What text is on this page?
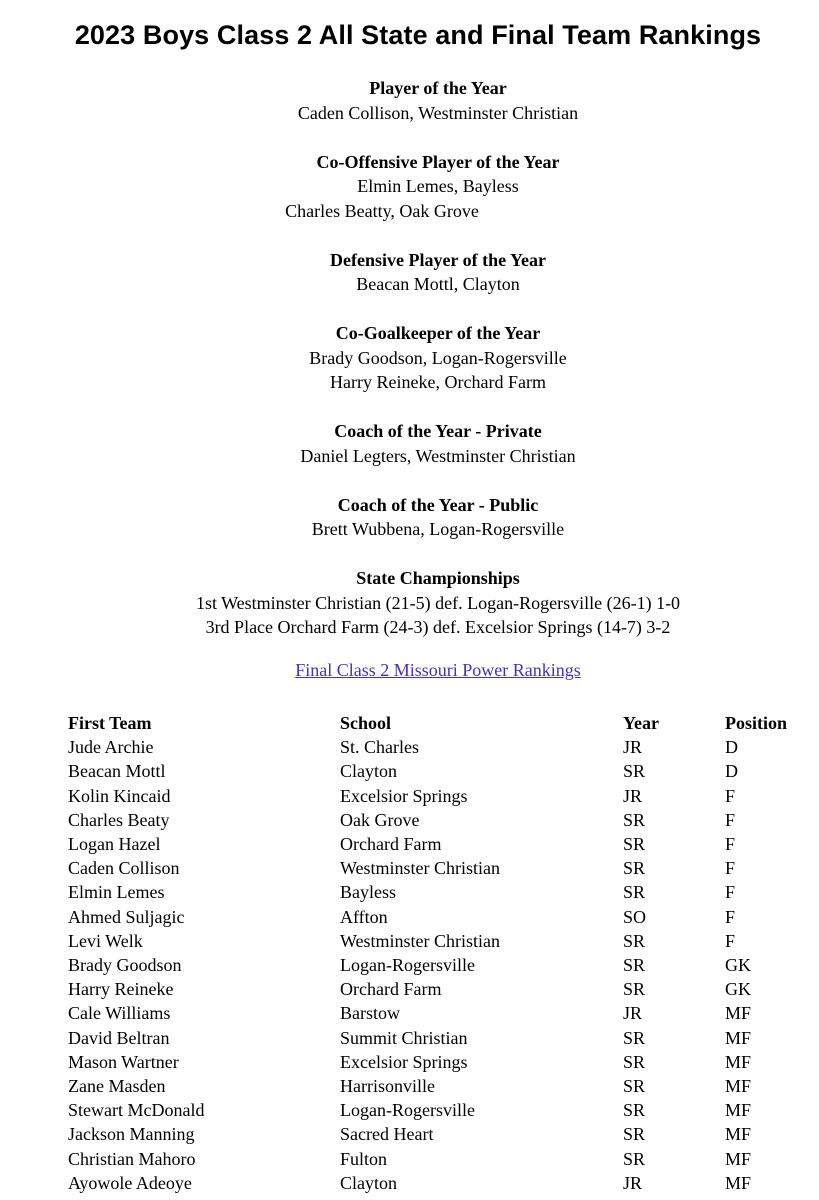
2023 Boys Class 2 All State and Final Team Rankings
Player of the Year
Caden Collison, Westminster Christian
Co-Offensive Player of the Year
Elmin Lemes, Bayless
Charles Beatty, Oak Grove
Defensive Player of the Year
Beacan Mottl, Clayton
Co-Goalkeeper of the Year
Brady Goodson, Logan-Rogersville
Harry Reineke, Orchard Farm
Coach of the Year - Private
Daniel Legters, Westminster Christian
Coach of the Year - Public
Brett Wubbena, Logan-Rogersville
State Championships
1st Westminster Christian (21-5) def. Logan-Rogersville (26-1) 1-0
3rd Place Orchard Farm (24-3) def. Excelsior Springs (14-7) 3-2
Final Class 2 Missouri Power Rankings
First Team	School	Year	Position
Jude Archie	St. Charles	JR	D
Beacan Mottl	Clayton	SR	D
Kolin Kincaid	Excelsior Springs	JR	F
Charles Beaty	Oak Grove	SR	F
Logan Hazel	Orchard Farm	SR	F
Caden Collison	Westminster Christian	SR	F
Elmin Lemes	Bayless	SR	F
Ahmed Suljagic	Affton	SO	F
Levi Welk	Westminster Christian	SR	F
Brady Goodson	Logan-Rogersville	SR	GK
Harry Reineke	Orchard Farm	SR	GK
Cale Williams	Barstow	JR	MF
David Beltran	Summit Christian	SR	MF
Mason Wartner	Excelsior Springs	SR	MF
Zane Masden	Harrisonville	SR	MF
Stewart McDonald	Logan-Rogersville	SR	MF
Jackson Manning	Sacred Heart	SR	MF
Christian Mahoro	Fulton	SR	MF
Ayowole Adeoye	Clayton	JR	MF
